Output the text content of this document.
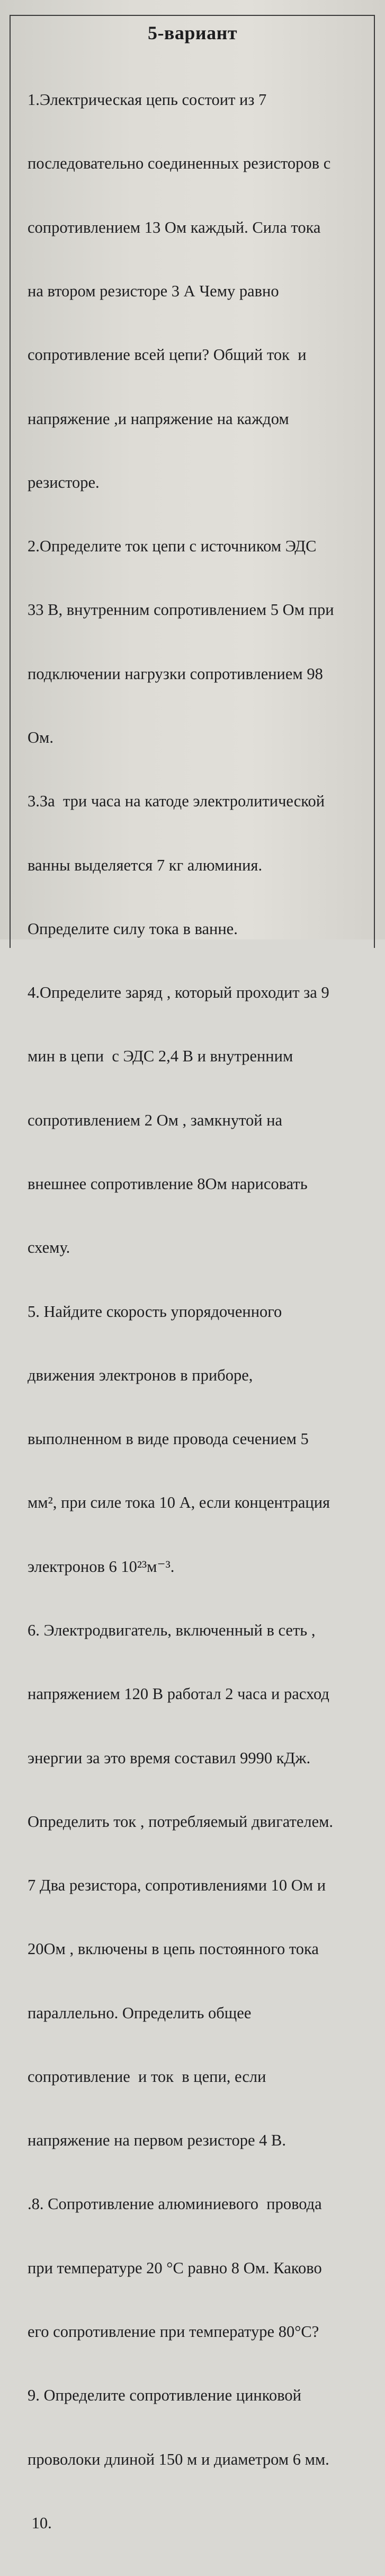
5-вариант

1.Электрическая цепь состоит из 7

последовательно соединенных резисторов с

сопротивлением 13 Ом каждый. Сила тока

на втором резисторе 3 А Чему равно

сопротивление всей цепи? Общий ток  и

напряжение ,и напряжение на каждом

резисторе.

2.Определите ток цепи с источником ЭДС

33 В, внутренним сопротивлением 5 Ом при

подключении нагрузки сопротивлением 98

Ом.

3.За  три часа на катоде электролитической

ванны выделяется 7 кг алюминия.

Определите силу тока в ванне.

4.Определите заряд , который проходит за 9

мин в цепи  с ЭДС 2,4 В и внутренним

сопротивлением 2 Ом , замкнутой на

внешнее сопротивление 8Ом нарисовать

схему.

5. Найдите скорость упорядоченного

движения электронов в приборе,

выполненном в виде провода сечением 5

мм², при силе тока 10 А, если концентрация

электронов 6 10²³м⁻³.

6. Электродвигатель, включенный в сеть ,

напряжением 120 В работал 2 часа и расход

энергии за это время составил 9990 кДж.

Определить ток , потребляемый двигателем.

7 Два резистора, сопротивлениями 10 Ом и

20Ом , включены в цепь постоянного тока

параллельно. Определить общее

сопротивление  и ток  в цепи, если

напряжение на первом резисторе 4 В.

.8. Сопротивление алюминиевого  провода

при температуре 20 °С равно 8 Ом. Каково

его сопротивление при температуре 80°С?

9. Определите сопротивление цинковой

проволоки длиной 150 м и диаметром 6 мм.

10.
